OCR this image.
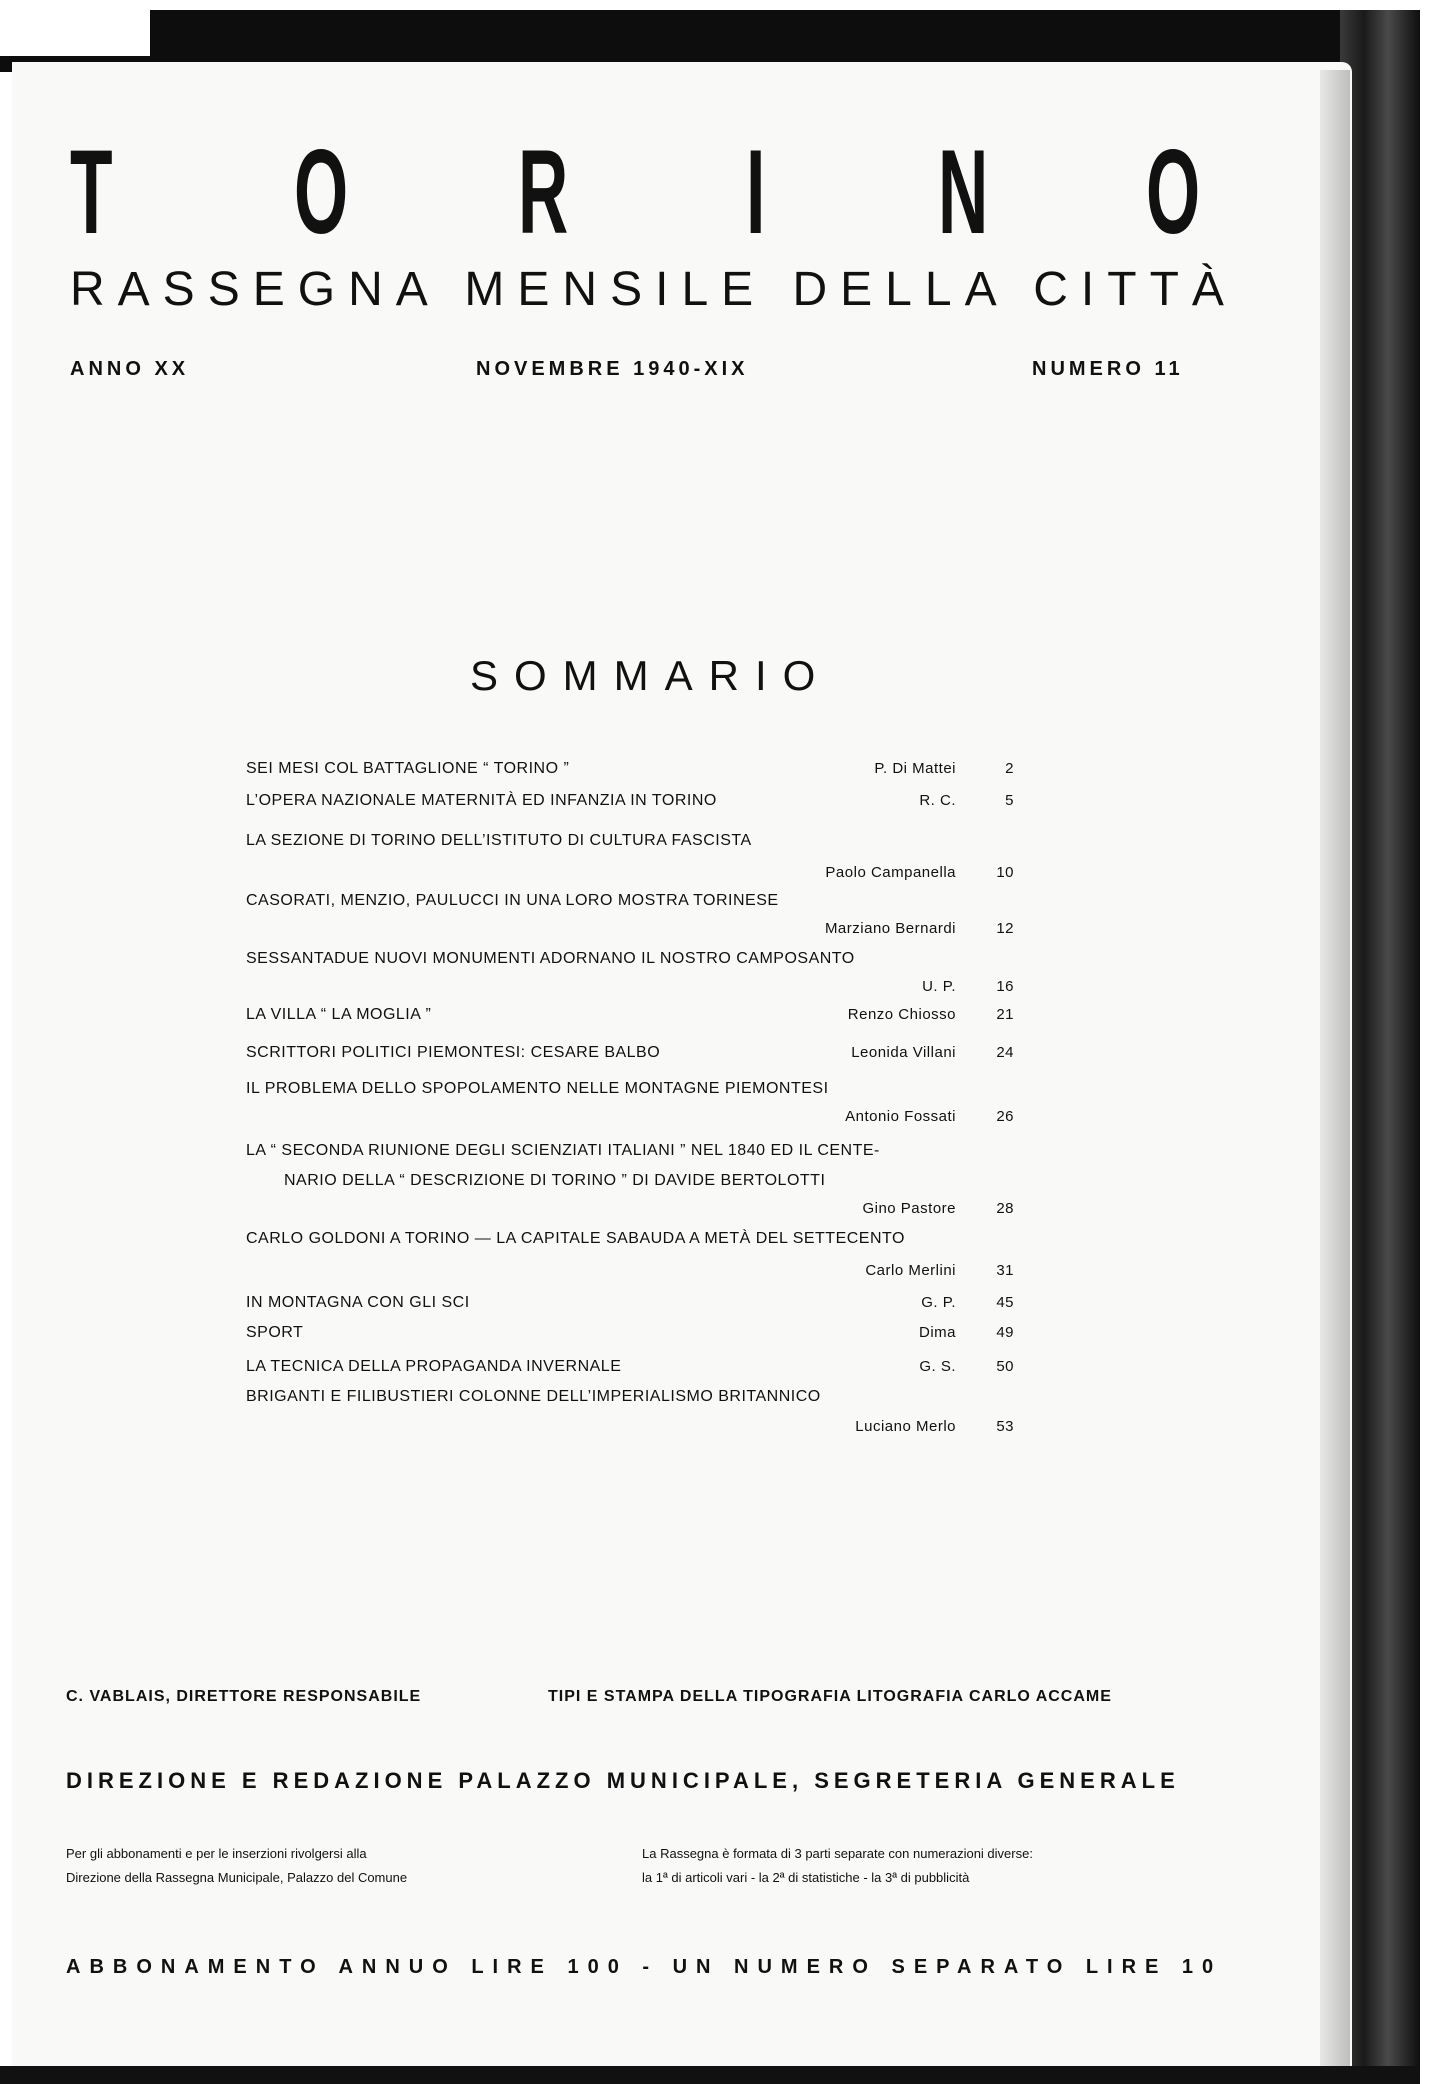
T O R I N O
RASSEGNA MENSILE DELLA CITTÀ
ANNO XX	NOVEMBRE 1940-XIX	NUMERO 11
SOMMARIO
SEI MESI COL BATTAGLIONE “ TORINO ”	P. Di Mattei	2
L’OPERA NAZIONALE MATERNITÀ ED INFANZIA IN TORINO	R. C.	5
LA SEZIONE DI TORINO DELL’ISTITUTO DI CULTURA FASCISTA
Paolo Campanella	10
CASORATI, MENZIO, PAULUCCI IN UNA LORO MOSTRA TORINESE
Marziano Bernardi	12
SESSANTADUE NUOVI MONUMENTI ADORNANO IL NOSTRO CAMPOSANTO
U. P.	16
LA VILLA “ LA MOGLIA ”	Renzo Chiosso	21
SCRITTORI POLITICI PIEMONTESI: CESARE BALBO	Leonida Villani	24
IL PROBLEMA DELLO SPOPOLAMENTO NELLE MONTAGNE PIEMONTESI
Antonio Fossati	26
LA “ SECONDA RIUNIONE DEGLI SCIENZIATI ITALIANI ” NEL 1840 ED IL CENTE-
NARIO DELLA “ DESCRIZIONE DI TORINO ” DI DAVIDE BERTOLOTTI
Gino Pastore	28
CARLO GOLDONI A TORINO — LA CAPITALE SABAUDA A METÀ DEL SETTECENTO
Carlo Merlini	31
IN MONTAGNA CON GLI SCI	G. P.	45
SPORT	Dima	49
LA TECNICA DELLA PROPAGANDA INVERNALE	G. S.	50
BRIGANTI E FILIBUSTIERI COLONNE DELL’IMPERIALISMO BRITANNICO
Luciano Merlo	53
C. VABLAIS, DIRETTORE RESPONSABILE	TIPI E STAMPA DELLA TIPOGRAFIA LITOGRAFIA CARLO ACCAME
DIREZIONE E REDAZIONE PALAZZO MUNICIPALE, SEGRETERIA GENERALE
Per gli abbonamenti e per le inserzioni rivolgersi alla
Direzione della Rassegna Municipale, Palazzo del Comune
La Rassegna è formata di 3 parti separate con numerazioni diverse:
la 1ª di articoli vari - la 2ª di statistiche - la 3ª di pubblicità
ABBONAMENTO ANNUO LIRE 100 - UN NUMERO SEPARATO LIRE 10
